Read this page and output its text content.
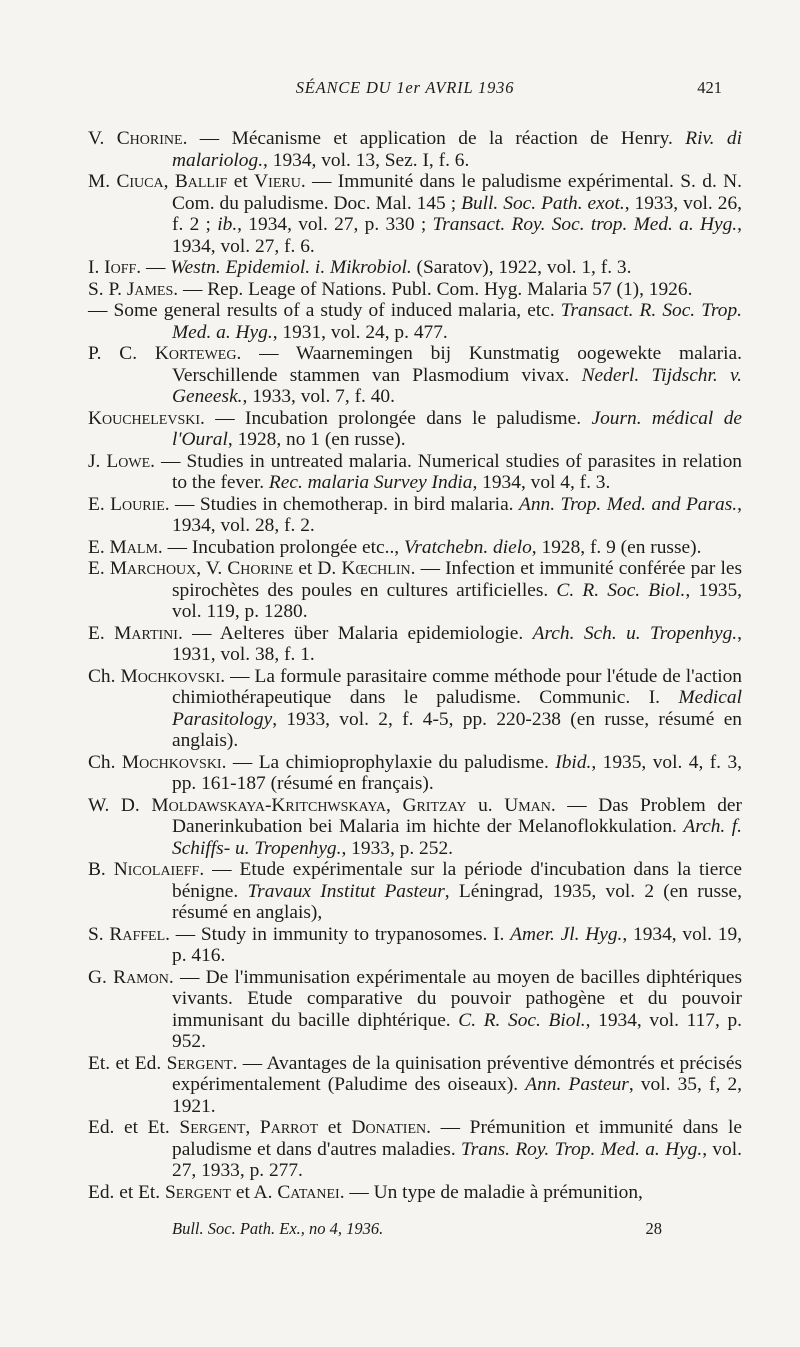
SÉANCE DU 1er AVRIL 1936	421
V. Chorine. — Mécanisme et application de la réaction de Henry. Riv. di malariolog., 1934, vol. 13, Sez. I, f. 6.
M. Ciuca, Ballif et Vieru. — Immunité dans le paludisme expérimental. S. d. N. Com. du paludisme. Doc. Mal. 145 ; Bull. Soc. Path. exot., 1933, vol. 26, f. 2 ; ib., 1934, vol. 27, p. 330 ; Transact. Roy. Soc. trop. Med. a. Hyg., 1934, vol. 27, f. 6.
I. Ioff. — Westn. Epidemiol. i. Mikrobiol. (Saratov), 1922, vol. 1, f. 3.
S. P. James. — Rep. Leage of Nations. Publ. Com. Hyg. Malaria 57 (1), 1926.
— Some general results of a study of induced malaria, etc. Transact. R. Soc. Trop. Med. a. Hyg., 1931, vol. 24, p. 477.
P. C. Korteweg. — Waarnemingen bij Kunstmatig oogewekte malaria. Verschillende stammen van Plasmodium vivax. Nederl. Tijdschr. v. Geneesk., 1933, vol. 7, f. 40.
Kouchelevski. — Incubation prolongée dans le paludisme. Journ. médical de l'Oural, 1928, no 1 (en russe).
J. Lowe. — Studies in untreated malaria. Numerical studies of parasites in relation to the fever. Rec. malaria Survey India, 1934, vol 4, f. 3.
E. Lourie. — Studies in chemotherap. in bird malaria. Ann. Trop. Med. and Paras., 1934, vol. 28, f. 2.
E. Malm. — Incubation prolongée etc.., Vratchebn. dielo, 1928, f. 9 (en russe).
E. Marchoux, V. Chorine et D. Kœchlin. — Infection et immunité conférée par les spirochètes des poules en cultures artificielles. C. R. Soc. Biol., 1935, vol. 119, p. 1280.
E. Martini. — Aelteres über Malaria epidemiologie. Arch. Sch. u. Tropenhyg., 1931, vol. 38, f. 1.
Ch. Mochkovski. — La formule parasitaire comme méthode pour l'étude de l'action chimiothérapeutique dans le paludisme. Communic. I. Medical Parasitology, 1933, vol. 2, f. 4-5, pp. 220-238 (en russe, résumé en anglais).
Ch. Mochkovski. — La chimioprophylaxie du paludisme. Ibid., 1935, vol. 4, f. 3, pp. 161-187 (résumé en français).
W. D. Moldawskaya-Kritchwskaya, Gritzay u. Uman. — Das Problem der Danerinkubation bei Malaria im hichte der Melanoflokkulation. Arch. f. Schiffs- u. Tropenhyg., 1933, p. 252.
B. Nicolaieff. — Etude expérimentale sur la période d'incubation dans la tierce bénigne. Travaux Institut Pasteur, Léningrad, 1935, vol. 2 (en russe, résumé en anglais),
S. Raffel. — Study in immunity to trypanosomes. I. Amer. Jl. Hyg., 1934, vol. 19, p. 416.
G. Ramon. — De l'immunisation expérimentale au moyen de bacilles diphtériques vivants. Etude comparative du pouvoir pathogène et du pouvoir immunisant du bacille diphtérique. C. R. Soc. Biol., 1934, vol. 117, p. 952.
Et. et Ed. Sergent. — Avantages de la quinisation préventive démontrés et précisés expérimentalement (Paludime des oiseaux). Ann. Pasteur, vol. 35, f, 2, 1921.
Ed. et Et. Sergent, Parrot et Donatien. — Prémunition et immunité dans le paludisme et dans d'autres maladies. Trans. Roy. Trop. Med. a. Hyg., vol. 27, 1933, p. 277.
Ed. et Et. Sergent et A. Catanei. — Un type de maladie à prémunition,
Bull. Soc. Path. Ex., no 4, 1936.	28
